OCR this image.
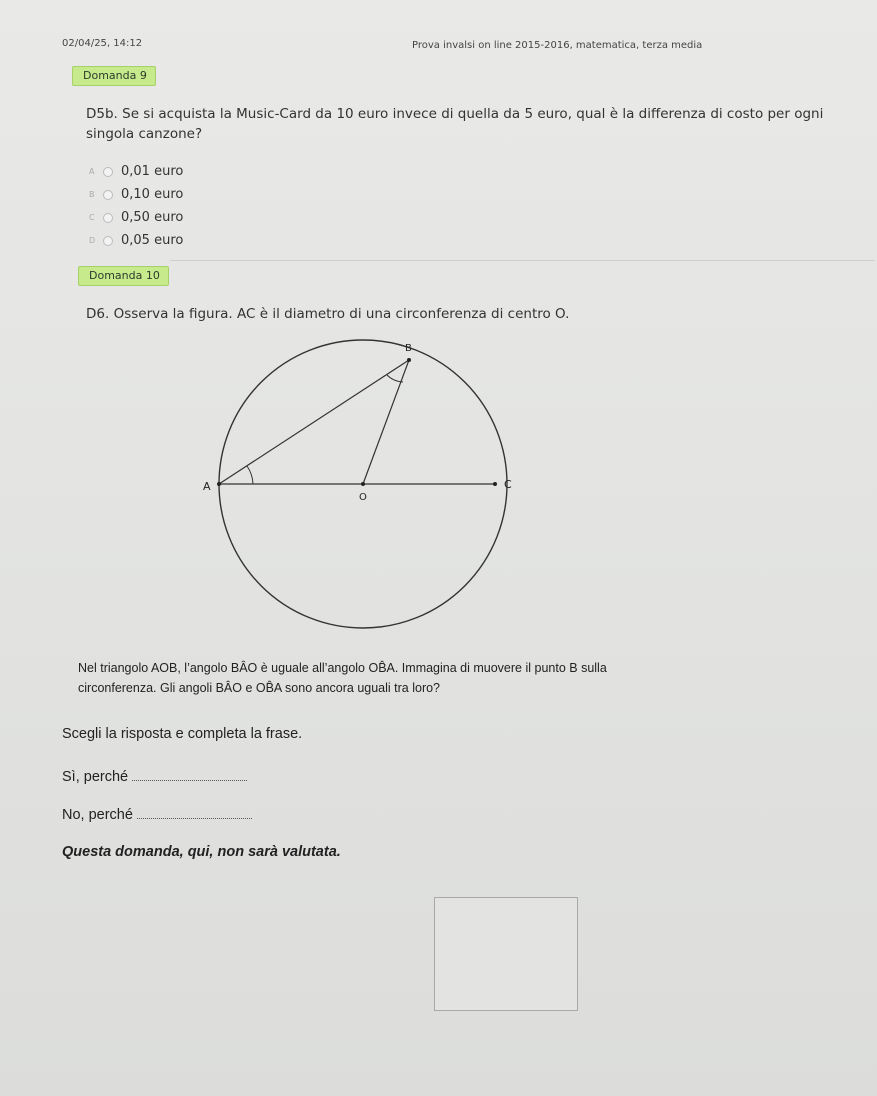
02/04/25, 14:12	Prova invalsi on line 2015-2016, matematica, terza media
Domanda 9
D5b. Se si acquista la Music-Card da 10 euro invece di quella da 5 euro, qual è la differenza di costo per ogni singola canzone?
A	0,01 euro
B	0,10 euro
C	0,50 euro
D 0,05 euro
Domanda 10
D6. Osserva la figura. AC è il diametro di una circonferenza di centro O.
A
B
C
O
Nel triangolo AOB, l’angolo BÂO è uguale all’angolo OB̂A. Immagina di muovere il punto B sulla circonferenza. Gli angoli BÂO e OB̂A sono ancora uguali tra loro?
Scegli la risposta e completa la frase.
Sì, perché
No, perché
Questa domanda, qui, non sarà valutata.
